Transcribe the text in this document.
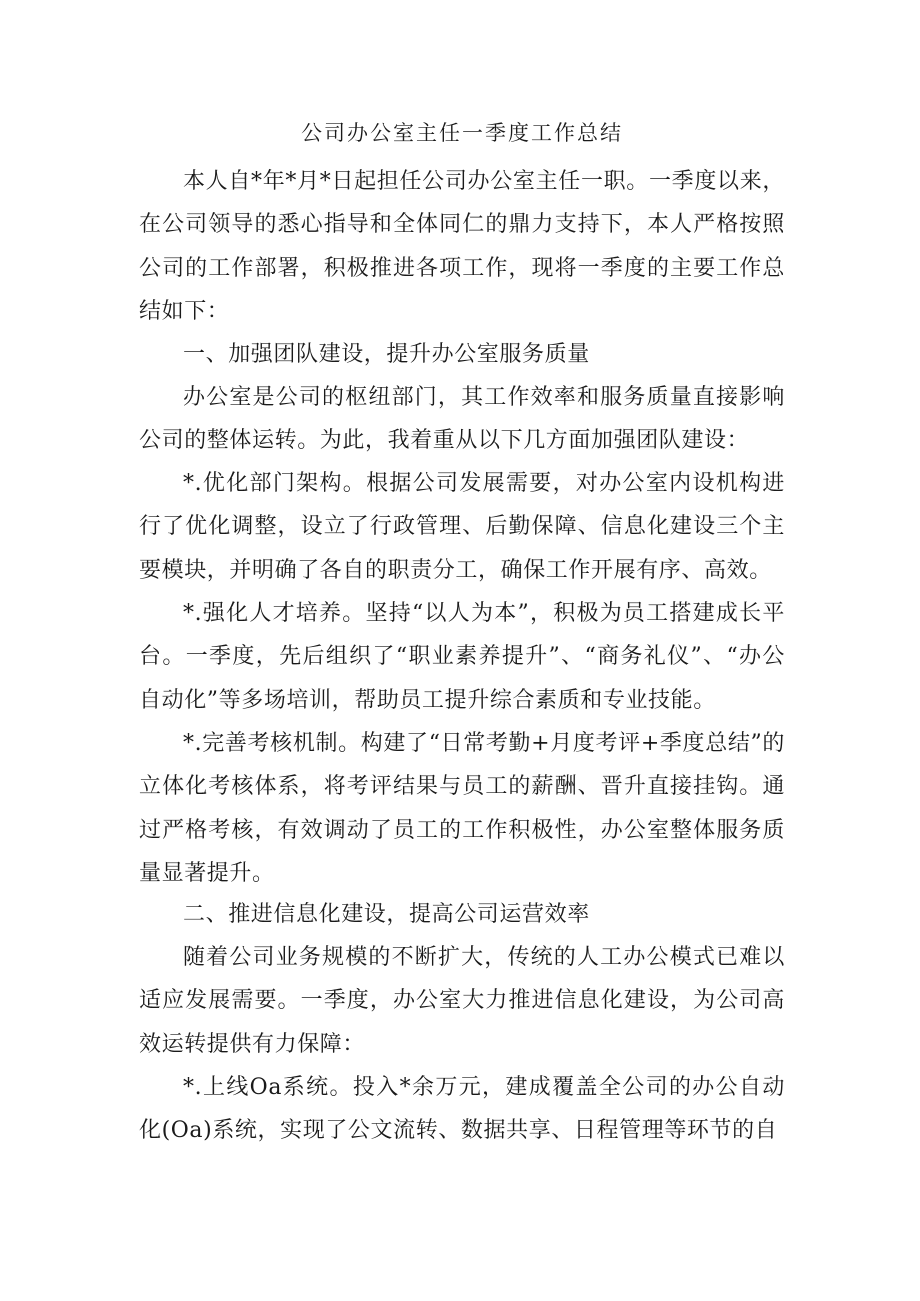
公司办公室主任一季度工作总结

本人自*年*月*日起担任公司办公室主任一职。一季度以来，在公司领导的悉心指导和全体同仁的鼎力支持下，本人严格按照公司的工作部署，积极推进各项工作，现将一季度的主要工作总结如下：

一、加强团队建设，提升办公室服务质量

办公室是公司的枢纽部门，其工作效率和服务质量直接影响公司的整体运转。为此，我着重从以下几方面加强团队建设：

*.优化部门架构。根据公司发展需要，对办公室内设机构进行了优化调整，设立了行政管理、后勤保障、信息化建设三个主要模块，并明确了各自的职责分工，确保工作开展有序、高效。

*.强化人才培养。坚持“以人为本”，积极为员工搭建成长平台。一季度，先后组织了“职业素养提升”、“商务礼仪”、“办公自动化”等多场培训，帮助员工提升综合素质和专业技能。

*.完善考核机制。构建了“日常考勤+月度考评+季度总结”的立体化考核体系，将考评结果与员工的薪酬、晋升直接挂钩。通过严格考核，有效调动了员工的工作积极性，办公室整体服务质量显著提升。

二、推进信息化建设，提高公司运营效率

随着公司业务规模的不断扩大，传统的人工办公模式已难以适应发展需要。一季度，办公室大力推进信息化建设，为公司高效运转提供有力保障：

*.上线Oa系统。投入*余万元，建成覆盖全公司的办公自动化(Oa)系统，实现了公文流转、数据共享、日程管理等环节的自
